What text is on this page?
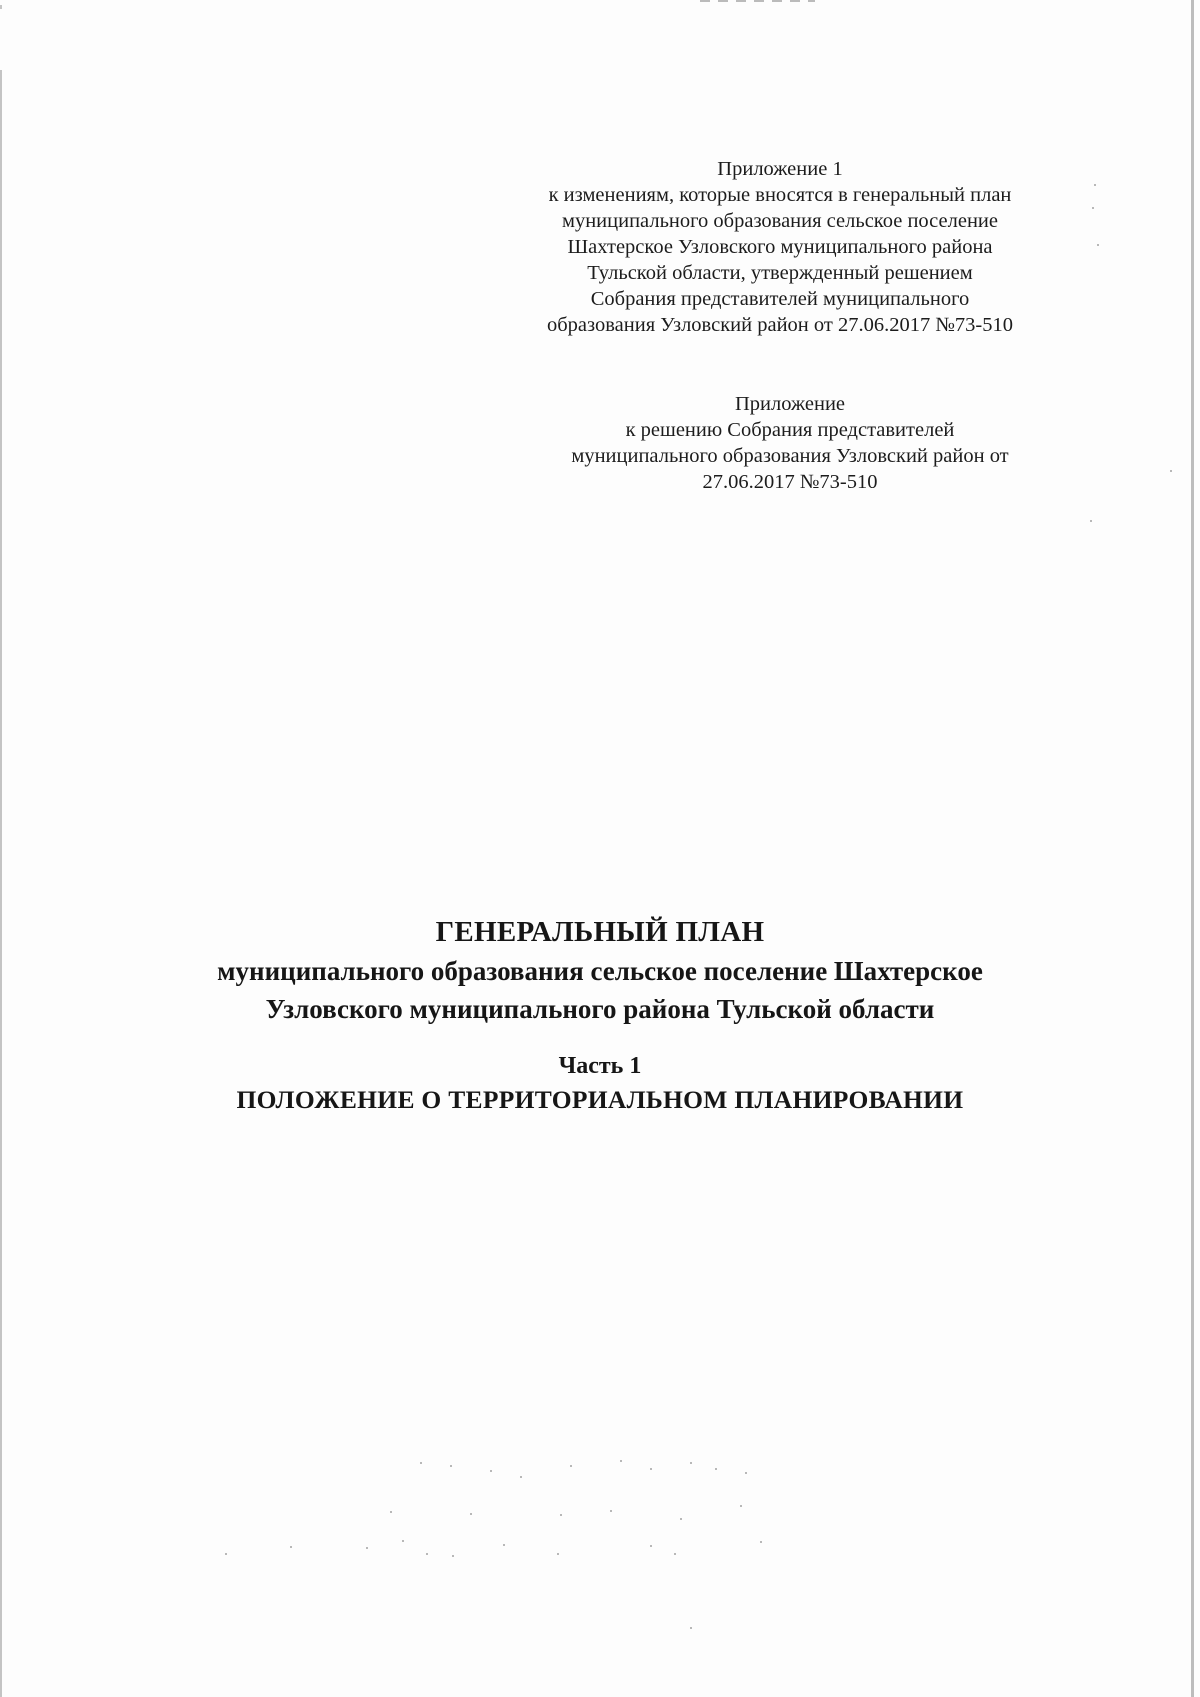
Приложение 1

к изменениям, которые вносятся в генеральный план

муниципального образования сельское поселение

Шахтерское Узловского муниципального района

Тульской области, утвержденный решением

Собрания представителей муниципального

образования Узловский район от 27.06.2017 №73-510

Приложение

к решению Собрания представителей

муниципального образования Узловский район от

27.06.2017 №73-510

ГЕНЕРАЛЬНЫЙ ПЛАН

муниципального образования сельское поселение Шахтерское

Узловского муниципального района Тульской области

Часть 1

ПОЛОЖЕНИЕ О ТЕРРИТОРИАЛЬНОМ ПЛАНИРОВАНИИ
